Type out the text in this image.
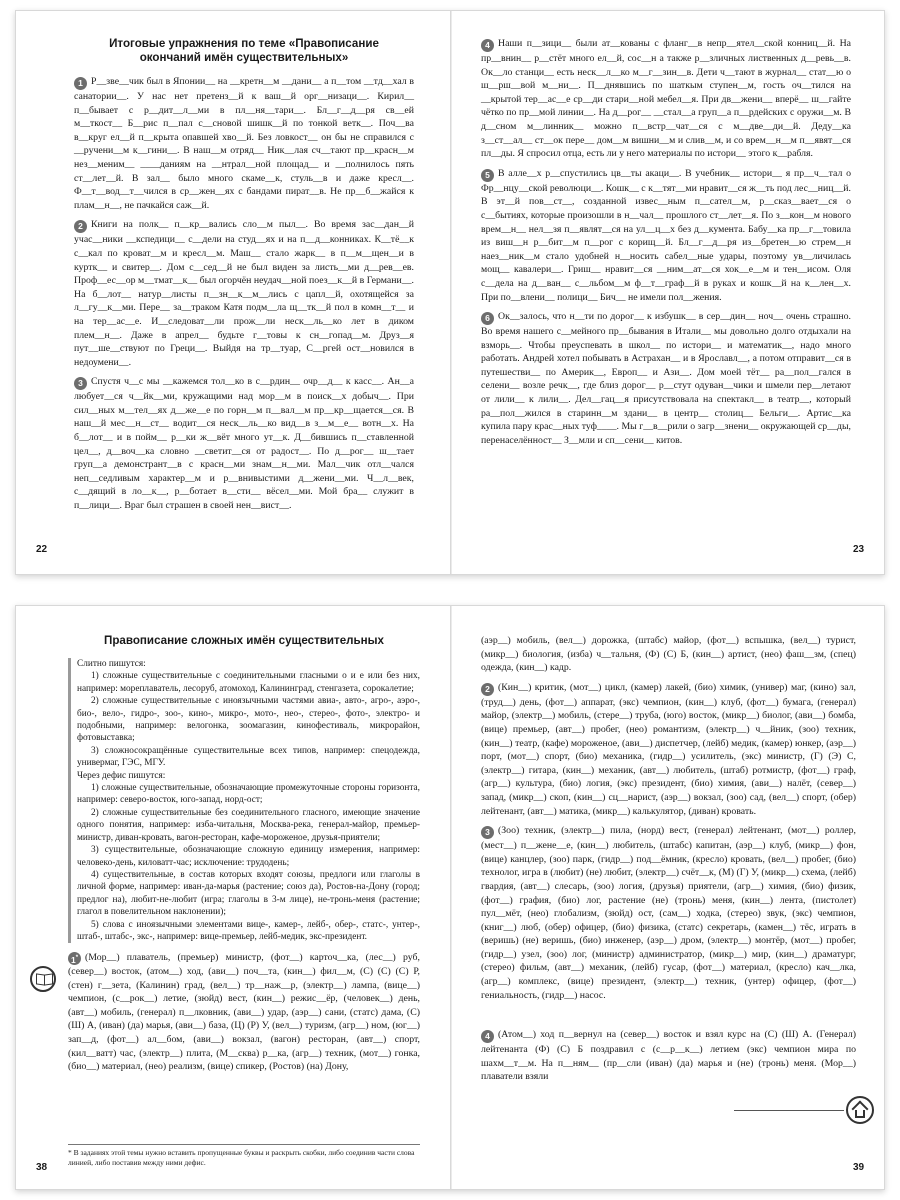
Итоговые упражнения по теме «Правописание
окончаний имён существительных»

1 Р__звe__чик был в Японии__ на __кретн__м __дани__ а п__том __тд__хал в санатории__. У нас нет претенз__й к ваш__й орг__низаци__. Кирил__ п__бывает с р__дит__л__ми в пл__ня__тари__. Бл__г__д__ря св__ей м__ткост__ Б__рис п__пал с__сновой шишк__й по тонкой ветк__. Поч__ва в__круг ел__й п__крыта опавшей хво__й. Без ловкост__ он бы не справился с __ручени__м к__гини__. В наш__м отряд__ Ник__лая сч__тают пр__красн__м нез__меним__ ____даниям на __нтрал__ной площад__ и __полнилось пять ст__лет__й. В зал__ было много скаме__к, стуль__в и даже кресл__. Ф__т__вод__т__чился в ср__жен__ях с бандами пират__в. Не пр__б__жайся к плам__н__, не пачкайся саж__й.

2 Книги на полк__ п__кр__вались сло__м пыл__. Во время зас__дан__й учас__ники __кспедици__ с__дели на студ__ях и на п__д__конниках. К__тё__к с__кал по кроват__м и кресл__м. Маш__ стало жарк__ в п__м__щен__и в куртк__ и свитер__. Дом с__сед__й не был виден за листь__ми д__рев__ев. Проф__ес__ор м__тмат__к__ был огорчён неудач__ной поез__к__й в Германи__. На б__лот__ натур__листы п__зн__к__м__лись с цапл__й, охотящейся за л__гу__к__ми. Пере__ за__траком Катя подм__ла щ__тк__й пол в комн__т__ и на тер__ас__е. И__следоват__ли прож__ли неск__ль__ко лет в диком плем__н__. Даже в апрел__ будьте г__товы к сн__гопад__м. Друз__я пут__ше__ствуют по Греци__. Выйдя на тр__туар, С__ргей ост__новился в недоумени__.

3 Спустя ч__с мы __кажемся тол__ко в с__рдин__ очр__д__ к касс__. Ан__а любует__ся ч__йк__ми, кружащими над мор__м в поиск__х добыч__. При сил__ных м__тел__ях д__же__е по горн__м п__вал__м пр__кр__щается__ся. В наш__й мес__н__ст__ водит__ся неск__ль__ко вид__в з__м__е__ вотн__х. На б__лот__ и в пойм__ р__ки ж__вёт много ут__к. Д__бившись п__ставленной цел__, д__воч__ка словно __светит__ся от радост__. По д__рог__ ш__тает груп__а демонстрант__в с красн__ми знам__н__ми. Мал__чик отл__чался неп__седливым характер__м и р__внивыстими д__жени__ми. Ч__л__век, с__дящий в ло__к__, р__ботает в__сти__ вёсел__ми. Мой бра__ служит в п__лици__. Враг был страшен в своей нен__вист__.

22

4 Наши п__зици__ были ат__кованы с фланг__в непр__ятел__ской конниц__й. На пр__внин__ р__стёт много ел__й, сос__н а также р__зличных лиственных д__ревь__в. Ок__ло станци__ есть неск__л__ко м__г__зин__в. Дети ч__тают в журнал__ стат__ю о ш__рш__вой м__ни__. П__днявшись по шаткым ступен__м, гость оч__тился на __крытой тер__ас__е ср__ди стари__ной мебел__я. При дв__жени__ вперё__ ш__гайте чётко по пр__мой линии__. На д__рог__ __стал__а груп__а п__рдейских с оружи__м. В д__сном м__линник__ можно п__встр__чат__ся с м__две__ди__й. Деду__ка з__ст__ал__ ст__ок пере__ дом__м вишни__м и слив__м, и со врем__н__м п__явят__ся пл__ды. Я спросил отца, есть ли у него материалы по истори__ этого к__рабля.

5 В алле__х р__спустились цв__ты акаци__. В учебник__ истори__ я пр__ч__тал о Фр__нцу__ской революци__. Кошк__ с к__тят__ми нравит__ся ж__ть под лес__ниц__й. В эт__й пов__ст__, созданной извес__ным п__сател__м, р__сказ__вает__ся о с__бытиях, которые произошли в н__чал__ прошлого ст__лет__я. По з__кон__м нового врем__н__ нел__зя п__являт__ся на ул__ц__х без д__кумента. Бабу__ка пр__г__товила из виш__н р__бит__м п__рог с корищ__й. Бл__г__д__ря из__бретен__ю стрем__н наез__ник__м стало удобней н__носить сабел__ные удары, поэтому ув__личилась мощ__ кавалери__. Гриш__ нравит__ся __ним__ат__ся хок__е__м и тен__исом. Оля с__дела на д__ван__ с__льбом__м ф__т__граф__й в руках и кошк__й на к__лен__х. При по__влени__ полици__ Бич__ не имели пол__жения.

6 Ок__залось, что н__ти по дорог__ к избушк__ в сер__дин__ ноч__ очень страшно. Во время нашего с__мейного пр__бывания в Итали__ мы довольно долго отдыхали на взморь__. Чтобы преуспевать в школ__ по истори__ и математик__, надо много работать. Андрей хотел побывать в Астрахан__ и в Ярославл__, а потом отправит__ся в путешестви__ по Америк__, Европ__ и Ази__. Дом моей тёт__ ра__пол__гался в селени__ возле речк__, где близ дорог__ р__стут одуван__чики и шмели пер__летают от лили__ к лили__. Дел__гац__я присутствовала на спектакл__ в театр__, который ра__пол__жился в старинн__м здани__ в центр__ столиц__ Бельги__. Артис__ка купила пару крас__ных туф____. Мы г__в__рили о загр__знени__ окружающей ср__ды, перенаселённост__ З__мли и сп__сени__ китов.

23
Правописание сложных имён существительных

Слитно пишутся:

1) сложные существительные с соединительными гласными о и е или без них, например: мореплаватель, лесоруб, атомоход, Калининград, стенгазета, сорокалетие;

2) сложные существительные с иноязычными частями авиа-, авто-, агро-, аэро-, био-, вело-, гидро-, зоо-, кино-, микро-, мото-, нео-, стерео-, фото-, электро- и подобными, например: велогонка, зоомагазин, кинофестиваль, микрорайон, фотовыставка;

3) сложносокращённые существительные всех типов, например: спецодежда, универмаг, ГЭС, МГУ.

Через дефис пишутся:

1) сложные существительные, обозначающие промежуточные стороны горизонта, например: северо-восток, юго-запад, норд-ост;

2) сложные существительные без соединительного гласного, имеющие значение одного понятия, например: изба-читальня, Москва-река, генерал-майор, премьер-министр, диван-кровать, вагон-ресторан, кафе-мороженое, друзья-приятели;

3) существительные, обозначающие сложную единицу измерения, например: человеко-день, киловатт-час; исключение: трудодень;

4) существительные, в состав которых входят союзы, предлоги или глаголы в личной форме, например: иван-да-марья (растение; союз да), Ростов-на-Дону (город; предлог на), любит-не-любит (игра; глаголы в 3-м лице), не-тронь-меня (растение; глагол в повелительном наклонении);

5) слова с иноязычными элементами вице-, камер-, лейб-, обер-, статс-, унтер-, штаб-, штабс-, экс-, например: вице-премьер, лейб-медик, экс-президент.

1* (Мор__) плаватель, (премьер) министр, (фот__) карточ__ка, (лес__) руб, (север__) восток, (атом__) ход, (ави__) поч__та, (кин__) фил__м, (С) (С) (С) Р, (стен) г__зета, (Калинин) град, (вел__) тр__наж__р, (электр__) лампа, (вице__) чемпион, (с__рок__) летие, (зюйд) вест, (кин__) режис__ёр, (человек__) день, (авт__) мобиль, (генерал) п__лковник, (ави__) удар, (аэр__) сани, (статс) дама, (С) (Ш) А, (иван) (да) марья, (ави__) база, (Ц) (Р) У, (вел__) туризм, (агр__) ном, (юг__) зап__д, (фот__) ал__бом, (ави__) вокзал, (вагон) ресторан, (авт__) спорт, (кил__ватт) час, (электр__) плита, (М__сква) р__ка, (агр__) техник, (мот__) гонка, (био__) материал, (нео) реализм, (вице) спикер, (Ростов) (на) Дону,

* В заданиях этой темы нужно вставить пропущенные буквы и раскрыть скобки, либо соединив части слова линией, либо поставив между ними дефис.
38

(аэр__) мобиль, (вел__) дорожка, (штабс) майор, (фот__) вспышка, (вел__) турист, (микр__) биология, (изба) ч__тальня, (Ф) (С) Б, (кин__) артист, (нео) фаш__зм, (спец) одежда, (кин__) кадр.

2 (Кин__) критик, (мот__) цикл, (камер) лакей, (био) химик, (универ) маг, (кино) зал, (труд__) день, (фот__) аппарат, (экс) чемпион, (кин__) клуб, (фот__) бумага, (генерал) майор, (электр__) мобиль, (стере__) труба, (юго) восток, (микр__) биолог, (ави__) бомба, (вице) премьер, (авт__) пробег, (нео) романтизм, (электр__) ч__йник, (зоо) техник, (кин__) театр, (кафе) мороженое, (ави__) диспетчер, (лейб) медик, (камер) юнкер, (аэр__) порт, (мот__) спорт, (био) механика, (гидр__) усилитель, (экс) министр, (Г) (Э) С, (электр__) гитара, (кин__) механик, (авт__) любитель, (штаб) ротмистр, (фот__) граф, (агр__) культура, (био) логия, (экс) президент, (био) химия, (ави__) налёт, (север__) запад, (микр__) скоп, (кин__) сц__нарист, (аэр__) вокзал, (зоо) сад, (вел__) спорт, (обер) лейтенант, (авт__) матика, (микр__) калькулятор, (диван) кровать.

3 (Зоо) техник, (электр__) пила, (норд) вест, (генерал) лейтенант, (мот__) роллер, (мест__) п__жене__е, (кин__) любитель, (штабс) капитан, (аэр__) клуб, (микр__) фон, (вице) канцлер, (зоо) парк, (гидр__) под__ёмник, (кресло) кровать, (вел__) пробег, (био) технолог, игра в (любит) (не) любит, (электр__) счёт__к, (М) (Г) У, (микр__) схема, (лейб) гвардия, (авт__) слесарь, (зоо) логия, (друзья) приятели, (агр__) химия, (био) физик, (фот__) графия, (био) лог, растение (не) (тронь) меня, (кин__) лента, (пистолет) пул__мёт, (нео) глобализм, (зюйд) ост, (сам__) ходка, (стерео) звук, (экс) чемпион, (книг__) люб, (обер) офицер, (био) физика, (статс) секретарь, (камен__) тёс, играть в (веришь) (не) веришь, (био) инженер, (аэр__) дром, (электр__) монтёр, (мот__) пробег, (гидр__) узел, (зоо) лог, (министр) администратор, (микр__) мир, (кин__) драматург, (стерео) фильм, (авт__) механик, (лейб) гусар, (фот__) материал, (кресло) кач__лка, (агр__) комплекс, (вице) президент, (электр__) техник, (унтер) офицер, (фот__) гениальность, (гидр__) насос.

4 (Атом__) ход п__вернул на (север__) восток и взял курс на (С) (Ш) А. (Генерал) лейтенанта (Ф) (С) Б поздравил с (с__р__к__) летием (экс) чемпион мира по шахм__т__м. На п__ням__ (пр__сли (иван) (да) марья и (не) (тронь) меня. (Мор__) плаватели взяли

39
